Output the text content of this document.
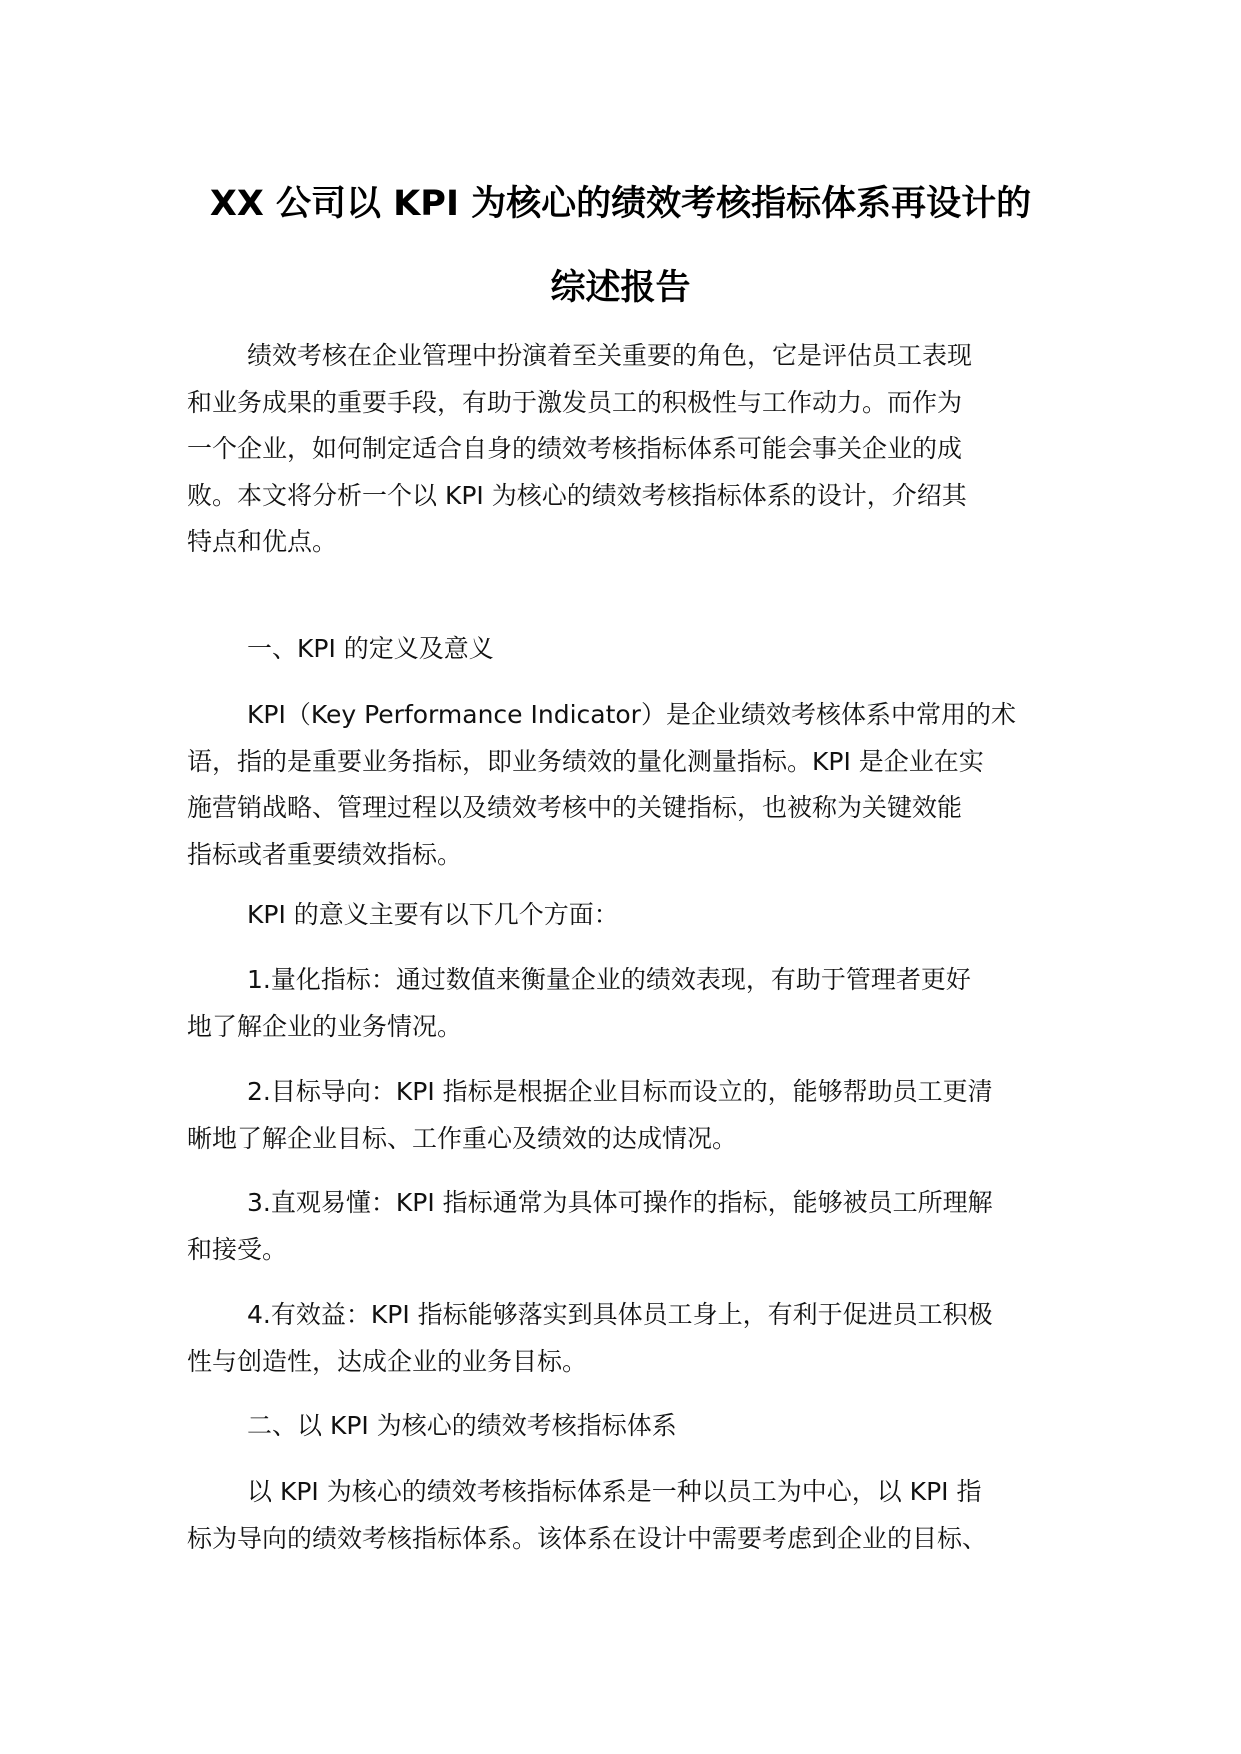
XX 公司以 KPI 为核心的绩效考核指标体系再设计的
综述报告
绩效考核在企业管理中扮演着至关重要的角色，它是评估员工表现
和业务成果的重要手段，有助于激发员工的积极性与工作动力。而作为
一个企业，如何制定适合自身的绩效考核指标体系可能会事关企业的成
败。本文将分析一个以 KPI 为核心的绩效考核指标体系的设计，介绍其
特点和优点。
一、KPI 的定义及意义
KPI（Key Performance Indicator）是企业绩效考核体系中常用的术
语，指的是重要业务指标，即业务绩效的量化测量指标。KPI 是企业在实
施营销战略、管理过程以及绩效考核中的关键指标，也被称为关键效能
指标或者重要绩效指标。
KPI 的意义主要有以下几个方面：
1.量化指标：通过数值来衡量企业的绩效表现，有助于管理者更好
地了解企业的业务情况。
2.目标导向：KPI 指标是根据企业目标而设立的，能够帮助员工更清
晰地了解企业目标、工作重心及绩效的达成情况。
3.直观易懂：KPI 指标通常为具体可操作的指标，能够被员工所理解
和接受。
4.有效益：KPI 指标能够落实到具体员工身上，有利于促进员工积极
性与创造性，达成企业的业务目标。
二、以 KPI 为核心的绩效考核指标体系
以 KPI 为核心的绩效考核指标体系是一种以员工为中心，以 KPI 指
标为导向的绩效考核指标体系。该体系在设计中需要考虑到企业的目标、
